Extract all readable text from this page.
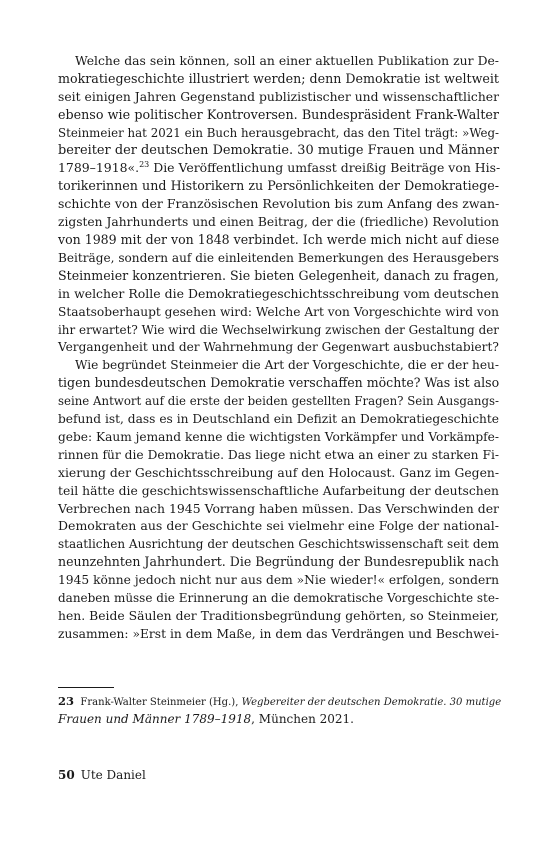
Welche das sein können, soll an einer aktuellen Publikation zur De-
mokratiegeschichte illustriert werden; denn Demokratie ist weltweit
seit einigen Jahren Gegenstand publizistischer und wissenschaftlicher
ebenso wie politischer Kontroversen. Bundespräsident Frank-Walter
Steinmeier hat 2021 ein Buch herausgebracht, das den Titel trägt: »Weg-
bereiter der deutschen Demokratie. 30 mutige Frauen und Männer
1789–1918«.$^{23}$ Die Veröffentlichung umfasst dreißig Beiträge von His-
torikerinnen und Historikern zu Persönlichkeiten der Demokratiege-
schichte von der Französischen Revolution bis zum Anfang des zwan-
zigsten Jahrhunderts und einen Beitrag, der die (friedliche) Revolution
von 1989 mit der von 1848 verbindet. Ich werde mich nicht auf diese
Beiträge, sondern auf die einleitenden Bemerkungen des Herausgebers
Steinmeier konzentrieren. Sie bieten Gelegenheit, danach zu fragen,
in welcher Rolle die Demokratiegeschichtsschreibung vom deutschen
Staatsoberhaupt gesehen wird: Welche Art von Vorgeschichte wird von
ihr erwartet? Wie wird die Wechselwirkung zwischen der Gestaltung der
Vergangenheit und der Wahrnehmung der Gegenwart ausbuchstabiert?
Wie begründet Steinmeier die Art der Vorgeschichte, die er der heu-
tigen bundesdeutschen Demokratie verschaffen möchte? Was ist also
seine Antwort auf die erste der beiden gestellten Fragen? Sein Ausgangs-
befund ist, dass es in Deutschland ein Defizit an Demokratiegeschichte
gebe: Kaum jemand kenne die wichtigsten Vorkämpfer und Vorkämpfe-
rinnen für die Demokratie. Das liege nicht etwa an einer zu starken Fi-
xierung der Geschichtsschreibung auf den Holocaust. Ganz im Gegen-
teil hätte die geschichtswissenschaftliche Aufarbeitung der deutschen
Verbrechen nach 1945 Vorrang haben müssen. Das Verschwinden der
Demokraten aus der Geschichte sei vielmehr eine Folge der national-
staatlichen Ausrichtung der deutschen Geschichtswissenschaft seit dem
neunzehnten Jahrhundert. Die Begründung der Bundesrepublik nach
1945 könne jedoch nicht nur aus dem »Nie wieder!« erfolgen, sondern
daneben müsse die Erinnerung an die demokratische Vorgeschichte ste-
hen. Beide Säulen der Traditionsbegründung gehörten, so Steinmeier,
zusammen: »Erst in dem Maße, in dem das Verdrängen und Beschwei-
23 Frank-Walter Steinmeier (Hg.), Wegbereiter der deutschen Demokratie. 30 mutige
Frauen und Männer 1789–1918, München 2021.
50 Ute Daniel
